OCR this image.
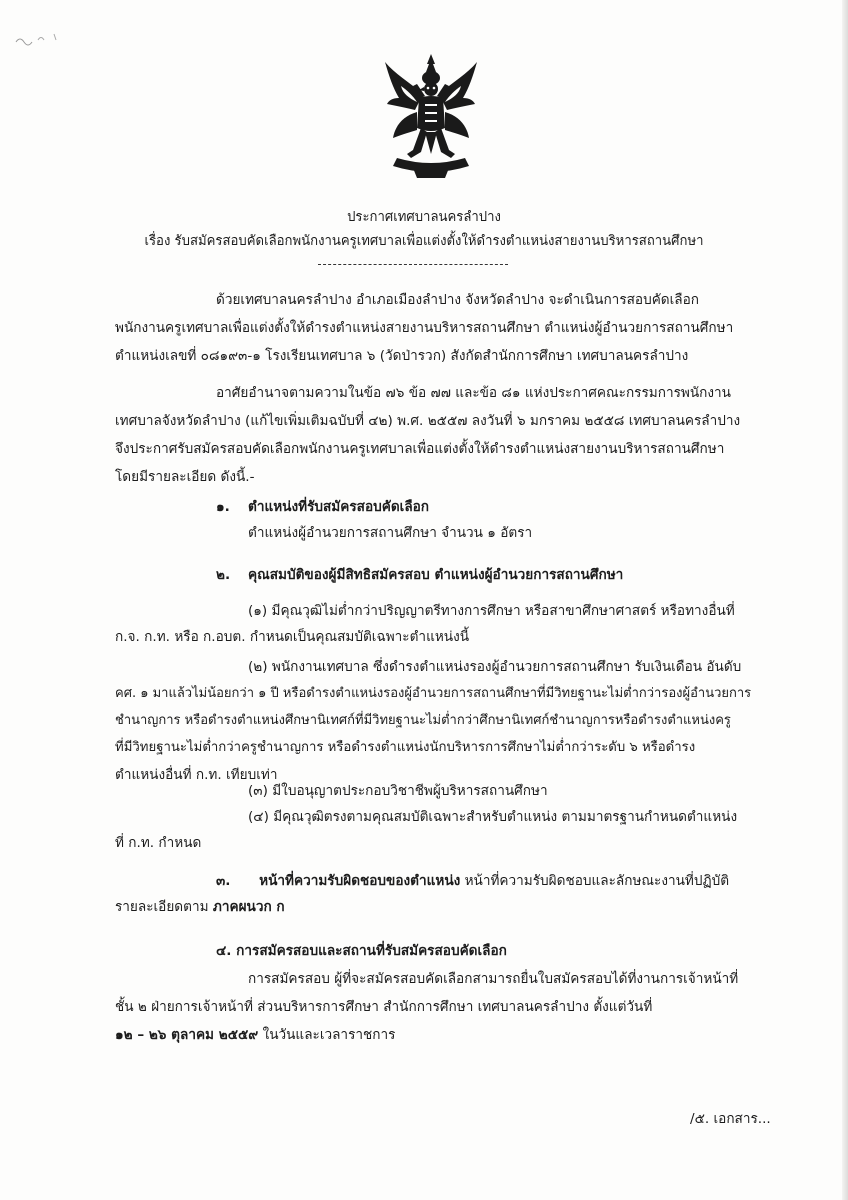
ประกาศเทศบาลนครลำปาง
เรื่อง รับสมัครสอบคัดเลือกพนักงานครูเทศบาลเพื่อแต่งตั้งให้ดำรงตำแหน่งสายงานบริหารสถานศึกษา
ด้วยเทศบาลนครลำปาง อำเภอเมืองลำปาง จังหวัดลำปาง จะดำเนินการสอบคัดเลือก
พนักงานครูเทศบาลเพื่อแต่งตั้งให้ดำรงตำแหน่งสายงานบริหารสถานศึกษา ตำแหน่งผู้อำนวยการสถานศึกษา
ตำแหน่งเลขที่ ๐๘๑๙๓-๑ โรงเรียนเทศบาล ๖ (วัดป่ารวก) สังกัดสำนักการศึกษา เทศบาลนครลำปาง
อาศัยอำนาจตามความในข้อ ๗๖ ข้อ ๗๗ และข้อ ๘๑ แห่งประกาศคณะกรรมการพนักงาน
เทศบาลจังหวัดลำปาง (แก้ไขเพิ่มเติมฉบับที่ ๔๒) พ.ศ. ๒๕๕๗ ลงวันที่ ๖ มกราคม ๒๕๕๘ เทศบาลนครลำปาง
จึงประกาศรับสมัครสอบคัดเลือกพนักงานครูเทศบาลเพื่อแต่งตั้งให้ดำรงตำแหน่งสายงานบริหารสถานศึกษา
โดยมีรายละเอียด ดังนี้.-
๑. ตำแหน่งที่รับสมัครสอบคัดเลือก
ตำแหน่งผู้อำนวยการสถานศึกษา จำนวน ๑ อัตรา
๒. คุณสมบัติของผู้มีสิทธิสมัครสอบ ตำแหน่งผู้อำนวยการสถานศึกษา
(๑) มีคุณวุฒิไม่ต่ำกว่าปริญญาตรีทางการศึกษา หรือสาขาศึกษาศาสตร์ หรือทางอื่นที่
ก.จ. ก.ท. หรือ ก.อบต. กำหนดเป็นคุณสมบัติเฉพาะตำแหน่งนี้
(๒) พนักงานเทศบาล ซึ่งดำรงตำแหน่งรองผู้อำนวยการสถานศึกษา รับเงินเดือน อันดับ
คศ. ๑ มาแล้วไม่น้อยกว่า ๑ ปี หรือดำรงตำแหน่งรองผู้อำนวยการสถานศึกษาที่มีวิทยฐานะไม่ต่ำกว่ารองผู้อำนวยการ
ชำนาญการ หรือดำรงตำแหน่งศึกษานิเทศก์ที่มีวิทยฐานะไม่ต่ำกว่าศึกษานิเทศก์ชำนาญการหรือดำรงตำแหน่งครู
ที่มีวิทยฐานะไม่ต่ำกว่าครูชำนาญการ หรือดำรงตำแหน่งนักบริหารการศึกษาไม่ต่ำกว่าระดับ ๖ หรือดำรง
ตำแหน่งอื่นที่ ก.ท. เทียบเท่า
(๓) มีใบอนุญาตประกอบวิชาชีพผู้บริหารสถานศึกษา
(๔) มีคุณวุฒิตรงตามคุณสมบัติเฉพาะสำหรับตำแหน่ง ตามมาตรฐานกำหนดตำแหน่ง
ที่ ก.ท. กำหนด
๓. หน้าที่ความรับผิดชอบของตำแหน่ง หน้าที่ความรับผิดชอบและลักษณะงานที่ปฏิบัติ
รายละเอียดตาม ภาคผนวก ก
๔. การสมัครสอบและสถานที่รับสมัครสอบคัดเลือก
การสมัครสอบ ผู้ที่จะสมัครสอบคัดเลือกสามารถยื่นใบสมัครสอบได้ที่งานการเจ้าหน้าที่
ชั้น ๒ ฝ่ายการเจ้าหน้าที่ ส่วนบริหารการศึกษา สำนักการศึกษา เทศบาลนครลำปาง ตั้งแต่วันที่
๑๒ – ๒๖ ตุลาคม ๒๕๕๙ ในวันและเวลาราชการ
/๕. เอกสาร...
